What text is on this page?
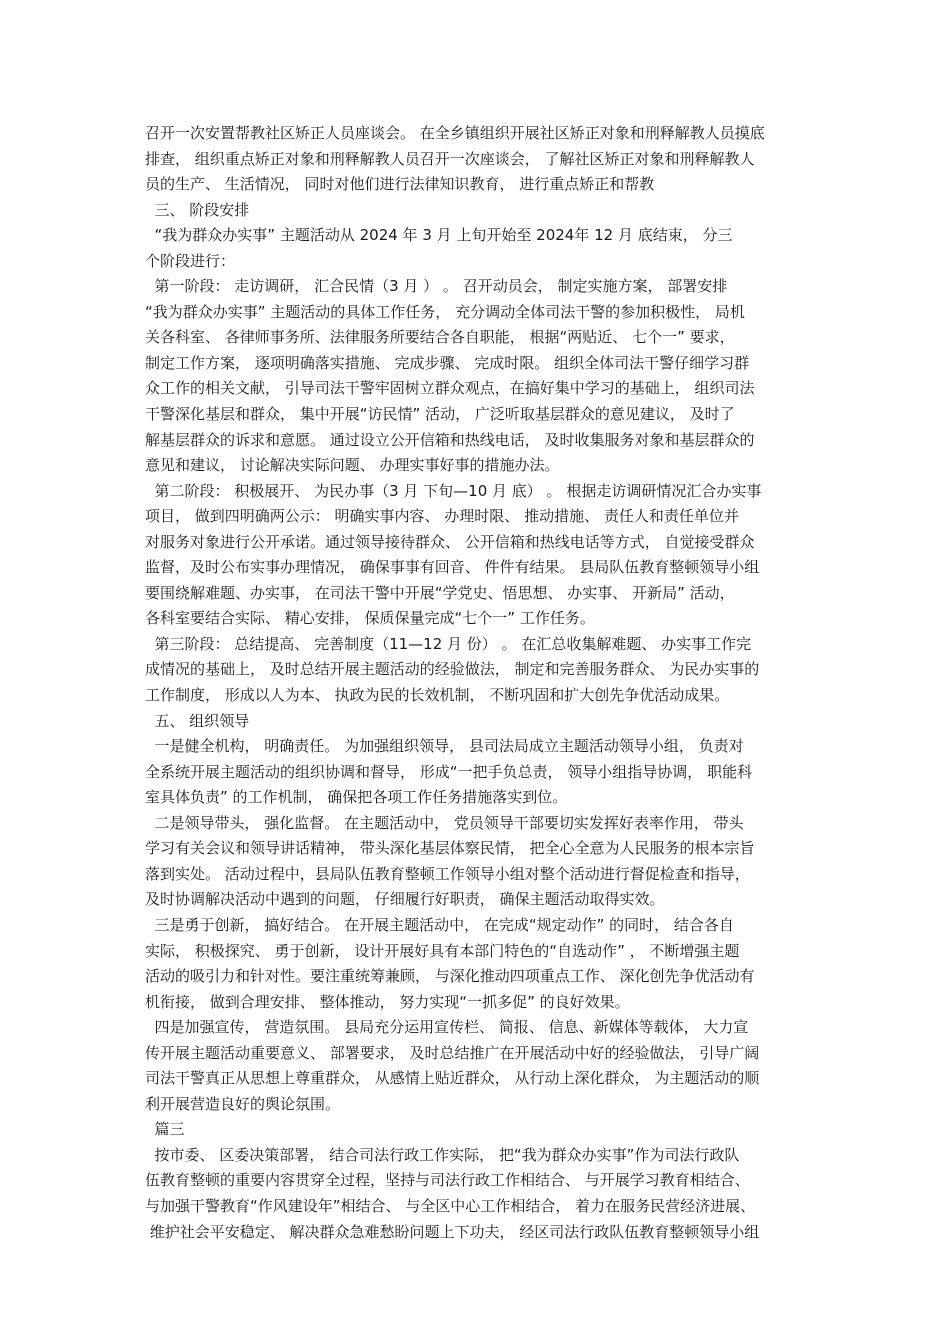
召开一次安置帮教社区矫正人员座谈会。 在全乡镇组织开展社区矫正对象和刑释解教人员摸底
排查， 组织重点矫正对象和刑释解教人员召开一次座谈会， 了解社区矫正对象和刑释解教人
员的生产、 生活情况， 同时对他们进行法律知识教育， 进行重点矫正和帮教
三、 阶段安排
“我为群众办实事” 主题活动从 2024 年 3 月 上旬开始至 2024年 12 月 底结束， 分三
个阶段进行：
第一阶段： 走访调研， 汇合民情（3 月 ） 。 召开动员会， 制定实施方案， 部署安排
“我为群众办实事” 主题活动的具体工作任务， 充分调动全体司法干警的参加积极性， 局机
关各科室、 各律师事务所、法律服务所要结合各自职能， 根据“两贴近、 七个一” 要求，
制定工作方案， 逐项明确落实措施、 完成步骤、 完成时限。 组织全体司法干警仔细学习群
众工作的相关文献， 引导司法干警牢固树立群众观点，在搞好集中学习的基础上， 组织司法
干警深化基层和群众， 集中开展“访民情” 活动， 广泛听取基层群众的意见建议， 及时了
解基层群众的诉求和意愿。 通过设立公开信箱和热线电话， 及时收集服务对象和基层群众的
意见和建议， 讨论解决实际问题、 办理实事好事的措施办法。
第二阶段： 积极展开、 为民办事（3 月 下旬—10 月 底） 。 根据走访调研情况汇合办实事
项目， 做到四明确两公示： 明确实事内容、 办理时限、 推动措施、 责任人和责任单位并
对服务对象进行公开承诺。通过领导接待群众、 公开信箱和热线电话等方式， 自觉接受群众
监督，及时公布实事办理情况， 确保事事有回音、 件件有结果。 县局队伍教育整顿领导小组
要围绕解难题、办实事， 在司法干警中开展“学党史、悟思想、 办实事、 开新局” 活动，
各科室要结合实际、 精心安排， 保质保量完成“七个一” 工作任务。
第三阶段： 总结提高、 完善制度（11—12 月 份） 。 在汇总收集解难题、 办实事工作完
成情况的基础上， 及时总结开展主题活动的经验做法， 制定和完善服务群众、 为民办实事的
工作制度， 形成以人为本、 执政为民的长效机制， 不断巩固和扩大创先争优活动成果。
五、 组织领导
一是健全机构， 明确责任。 为加强组织领导， 县司法局成立主题活动领导小组， 负责对
全系统开展主题活动的组织协调和督导， 形成“一把手负总责， 领导小组指导协调， 职能科
室具体负责” 的工作机制， 确保把各项工作任务措施落实到位。
二是领导带头， 强化监督。 在主题活动中， 党员领导干部要切实发挥好表率作用， 带头
学习有关会议和领导讲话精神， 带头深化基层体察民情， 把全心全意为人民服务的根本宗旨
落到实处。 活动过程中，县局队伍教育整顿工作领导小组对整个活动进行督促检查和指导，
及时协调解决活动中遇到的问题， 仔细履行好职责， 确保主题活动取得实效。
三是勇于创新， 搞好结合。 在开展主题活动中， 在完成“规定动作” 的同时， 结合各自
实际， 积极探究、 勇于创新， 设计开展好具有本部门特色的“自选动作” ， 不断增强主题
活动的吸引力和针对性。要注重统筹兼顾， 与深化推动四项重点工作、 深化创先争优活动有
机衔接， 做到合理安排、 整体推动， 努力实现“一抓多促” 的良好效果。
四是加强宣传， 营造氛围。 县局充分运用宣传栏、 简报、 信息、新媒体等载体， 大力宣
传开展主题活动重要意义、 部署要求， 及时总结推广在开展活动中好的经验做法， 引导广阔
司法干警真正从思想上尊重群众， 从感情上贴近群众， 从行动上深化群众， 为主题活动的顺
利开展营造良好的舆论氛围。
篇三
按市委、 区委决策部署， 结合司法行政工作实际， 把“我为群众办实事”作为司法行政队
伍教育整顿的重要内容贯穿全过程，坚持与司法行政工作相结合、 与开展学习教育相结合、
与加强干警教育“作风建设年”相结合、 与全区中心工作相结合， 着力在服务民营经济进展、
维护社会平安稳定、 解决群众急难愁盼问题上下功夫， 经区司法行政队伍教育整顿领导小组
